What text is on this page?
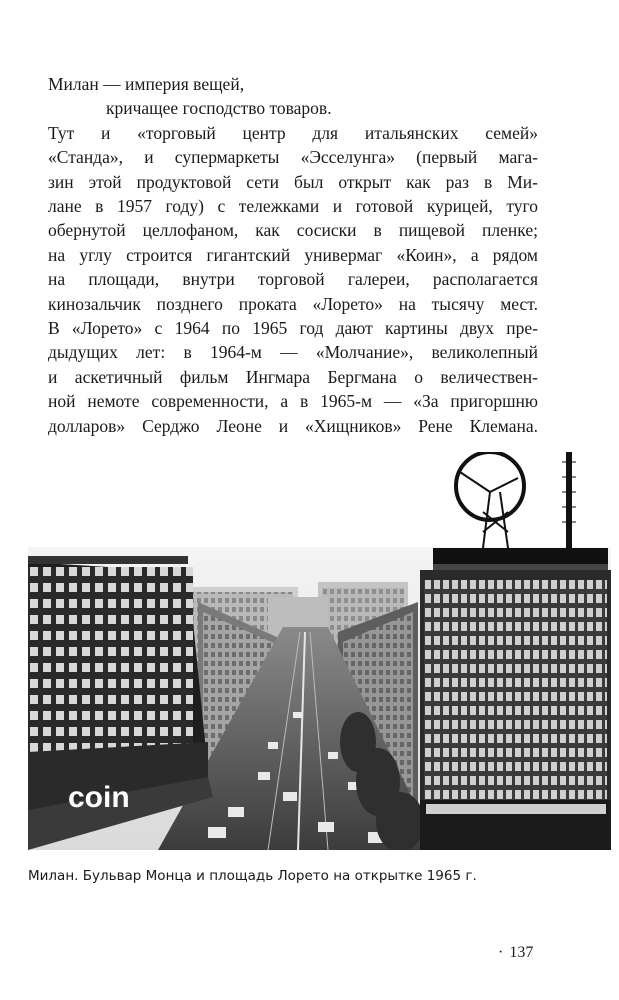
Милан — империя вещей,
кричащее господство товаров.
Тут и «торговый центр для итальянских семей»
«Станда», и супермаркеты «Эсселунга» (первый мага-
зин этой продуктовой сети был открыт как раз в Ми-
лане в 1957 году) с тележками и готовой курицей, туго
обернутой целлофаном, как сосиски в пищевой пленке;
на углу строится гигантский универмаг «Коин», а рядом
на площади, внутри торговой галереи, располагается
кинозальчик позднего проката «Лорето» на тысячу мест.
В «Лорето» с 1964 по 1965 год дают картины двух пре-
дыдущих лет: в 1964-м — «Молчание», великолепный
и аскетичный фильм Ингмара Бергмана о величествен-
ной немоте современности, а в 1965-м — «За пригоршню
долларов» Серджо Леоне и «Хищников» Рене Клемана.
coin
Милан. Бульвар Монца и площадь Лорето на открытке 1965 г.
· 137
